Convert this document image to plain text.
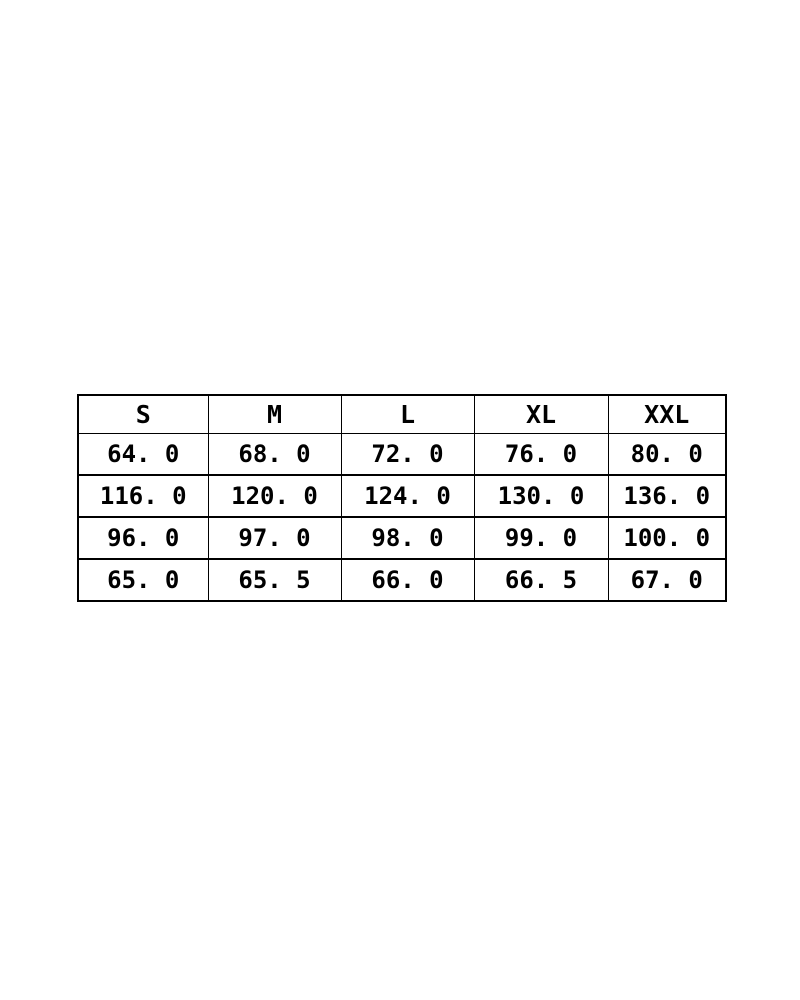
S	M	L	XL	XXL
64. 0	68. 0	72. 0	76. 0	80. 0
116. 0	120. 0	124. 0	130. 0	136. 0
96. 0	97. 0	98. 0	99. 0	100. 0
65. 0	65. 5	66. 0	66. 5	67. 0
